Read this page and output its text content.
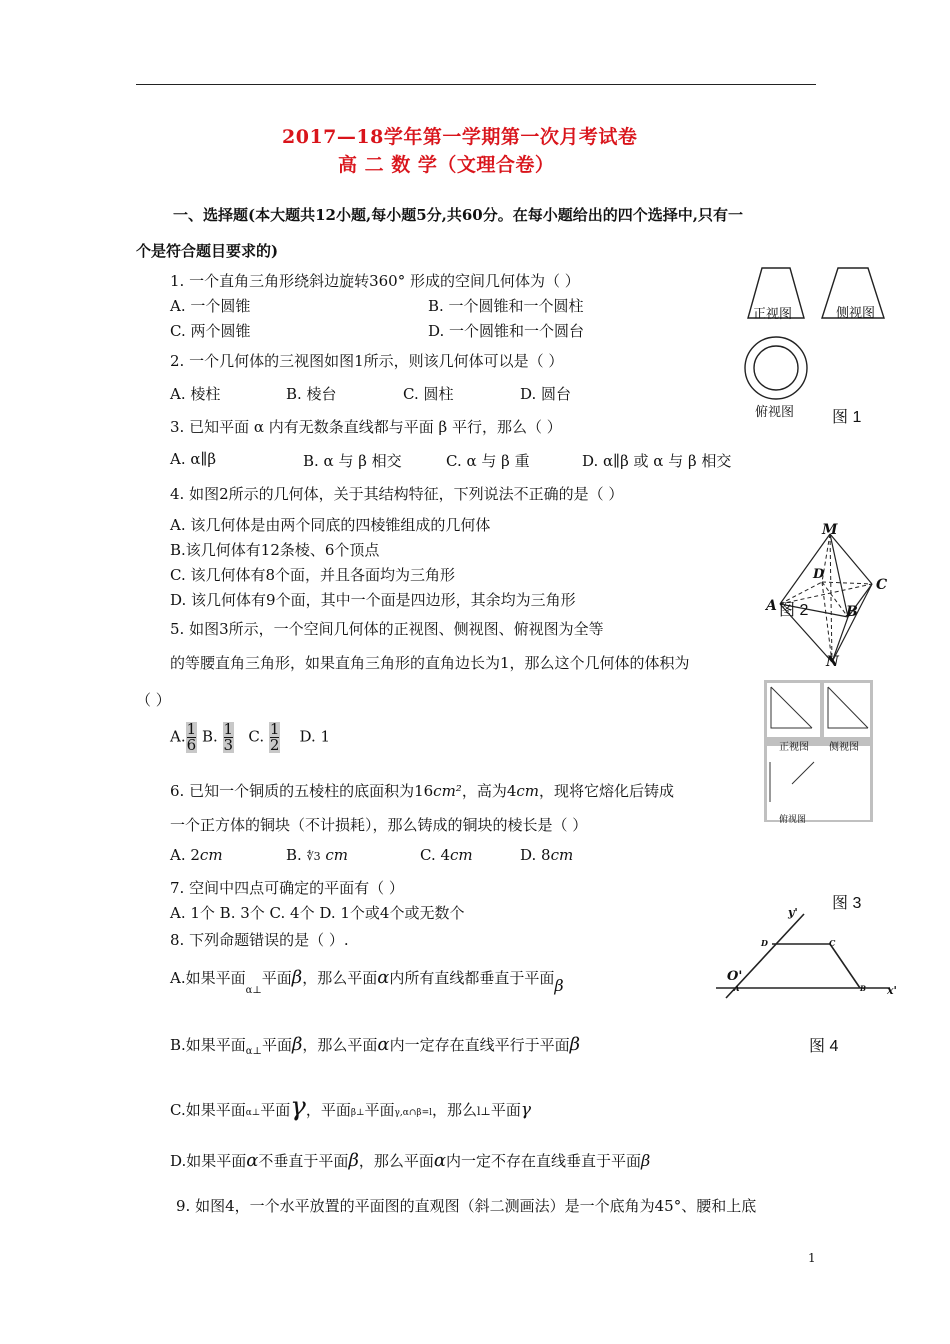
2017—18学年第一学期第一次月考试卷
高 二 数 学（文理合卷）
一、选择题(本大题共12小题,每小题5分,共60分。在每小题给出的四个选择中,只有一
个是符合题目要求的)
1. 一个直角三角形绕斜边旋转360° 形成的空间几何体为（ ）
A. 一个圆锥	B. 一个圆锥和一个圆柱
C. 两个圆锥	D. 一个圆锥和一个圆台
2. 一个几何体的三视图如图1所示，则该几何体可以是（ ）
A. 棱柱	B. 棱台	C. 圆柱	D. 圆台
3. 已知平面 α 内有无数条直线都与平面 β 平行，那么（ ）
A. α∥β	B. α 与 β 相交	C. α 与 β 重	D. α∥β 或 α 与 β 相交
4. 如图2所示的几何体，关于其结构特征，下列说法不正确的是（ ）
A. 该几何体是由两个同底的四棱锥组成的几何体
B.该几何体有12条棱、6个顶点
C. 该几何体有8个面，并且各面均为三角形
D. 该几何体有9个面，其中一个面是四边形，其余均为三角形
5. 如图3所示，一个空间几何体的正视图、侧视图、俯视图为全等
的等腰直角三角形，如果直角三角形的直角边长为1，那么这个几何体的体积为
（ ）
A. $\frac{1}{6} B$. $\frac{1}{3} C$. $\frac{1}{2} D$. 1
6. 已知一个铜质的五棱柱的底面积为16cm²，高为4cm，现将它熔化后铸成
一个正方体的铜块（不计损耗），那么铸成的铜块的棱长是（ ）
A. 2cm	B. ∜3 cm	C. 4cm	D. 8cm
7. 空间中四点可确定的平面有（ ）
A. 1个 B. 3个 C. 4个 D. 1个或4个或无数个
8. 下列命题错误的是（ ）.
A.如果平面$_{\alpha\perp}$平面β，那么平面α内所有直线都垂直于平面β
B.如果平面$_{\alpha\perp}$平面β，那么平面α内一定存在直线平行于平面β
C.如果平面α⊥平面γ，平面β⊥平面γ,α∩β=l，那么l⊥平面γ
D.如果平面α不垂直于平面β，那么平面α内一定不存在直线垂直于平面β
9. 如图4，一个水平放置的平面图的直观图（斜二测画法）是一个底角为45°、腰和上底
正视图	侧视图
俯视图 图 1
M
D
C
A 图 2	B
N
正视图 侧视图
俯视图
图 3
y'
x'
O'
D	C
A	B
图 4
1
